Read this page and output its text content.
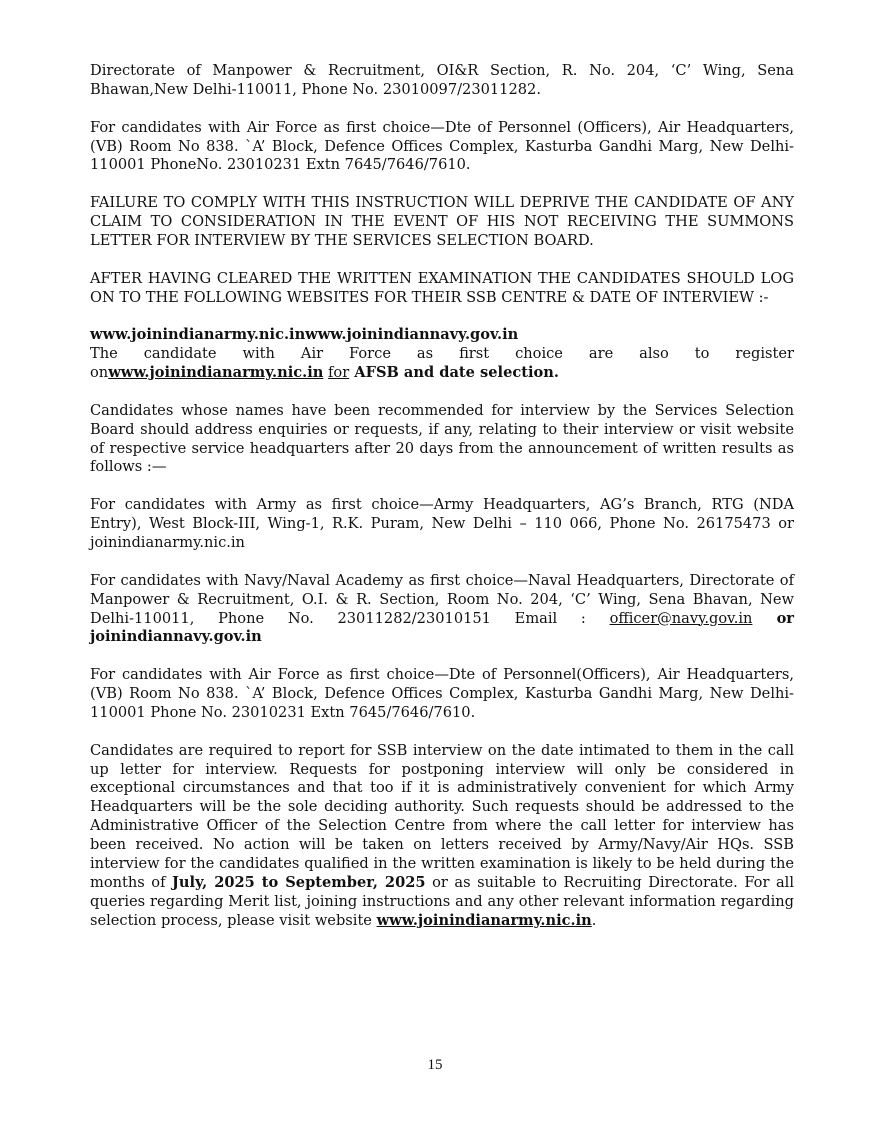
Directorate of Manpower & Recruitment, OI&R Section, R. No. 204, ‘C’ Wing, Sena Bhawan,New Delhi-110011, Phone No. 23010097/23011282.

For candidates with Air Force as first choice—Dte of Personnel (Officers), Air Headquarters, (VB) Room No 838. `A’ Block, Defence Offices Complex, Kasturba Gandhi Marg, New Delhi-110001 PhoneNo. 23010231 Extn 7645/7646/7610.

FAILURE TO COMPLY WITH THIS INSTRUCTION WILL DEPRIVE THE CANDIDATE OF ANY CLAIM TO CONSIDERATION IN THE EVENT OF HIS NOT RECEIVING THE SUMMONS LETTER FOR INTERVIEW BY THE SERVICES SELECTION BOARD.

AFTER HAVING CLEARED THE WRITTEN EXAMINATION THE CANDIDATES SHOULD LOG ON TO THE FOLLOWING WEBSITES FOR THEIR SSB CENTRE & DATE OF INTERVIEW :-

www.joinindianarmy.nic.inwww.joinindiannavy.gov.in

The candidate with Air Force as first choice are also to register onwww.joinindianarmy.nic.in for AFSB and date selection.

Candidates whose names have been recommended for interview by the Services Selection Board should address enquiries or requests, if any, relating to their interview or visit website of respective service headquarters after 20 days from the announcement of written results as follows :—

For candidates with Army as first choice—Army Headquarters, AG’s Branch, RTG (NDA Entry), West Block-III, Wing-1, R.K. Puram, New Delhi – 110 066, Phone No. 26175473 or joinindianarmy.nic.in

For candidates with Navy/Naval Academy as first choice—Naval Headquarters, Directorate of Manpower & Recruitment, O.I. & R. Section, Room No. 204, ‘C’ Wing, Sena Bhavan, New Delhi-110011, Phone No. 23011282/23010151 Email : officer@navy.gov.in or joinindiannavy.gov.in

For candidates with Air Force as first choice—Dte of Personnel(Officers), Air Headquarters, (VB) Room No 838. `A’ Block, Defence Offices Complex, Kasturba Gandhi Marg, New Delhi-110001 Phone No. 23010231 Extn 7645/7646/7610.

Candidates are required to report for SSB interview on the date intimated to them in the call up letter for interview. Requests for postponing interview will only be considered in exceptional circumstances and that too if it is administratively convenient for which Army Headquarters will be the sole deciding authority. Such requests should be addressed to the Administrative Officer of the Selection Centre from where the call letter for interview has been received. No action will be taken on letters received by Army/Navy/Air HQs. SSB interview for the candidates qualified in the written examination is likely to be held during the months of July, 2025 to September, 2025 or as suitable to Recruiting Directorate. For all queries regarding Merit list, joining instructions and any other relevant information regarding selection process, please visit website www.joinindianarmy.nic.in.

15
